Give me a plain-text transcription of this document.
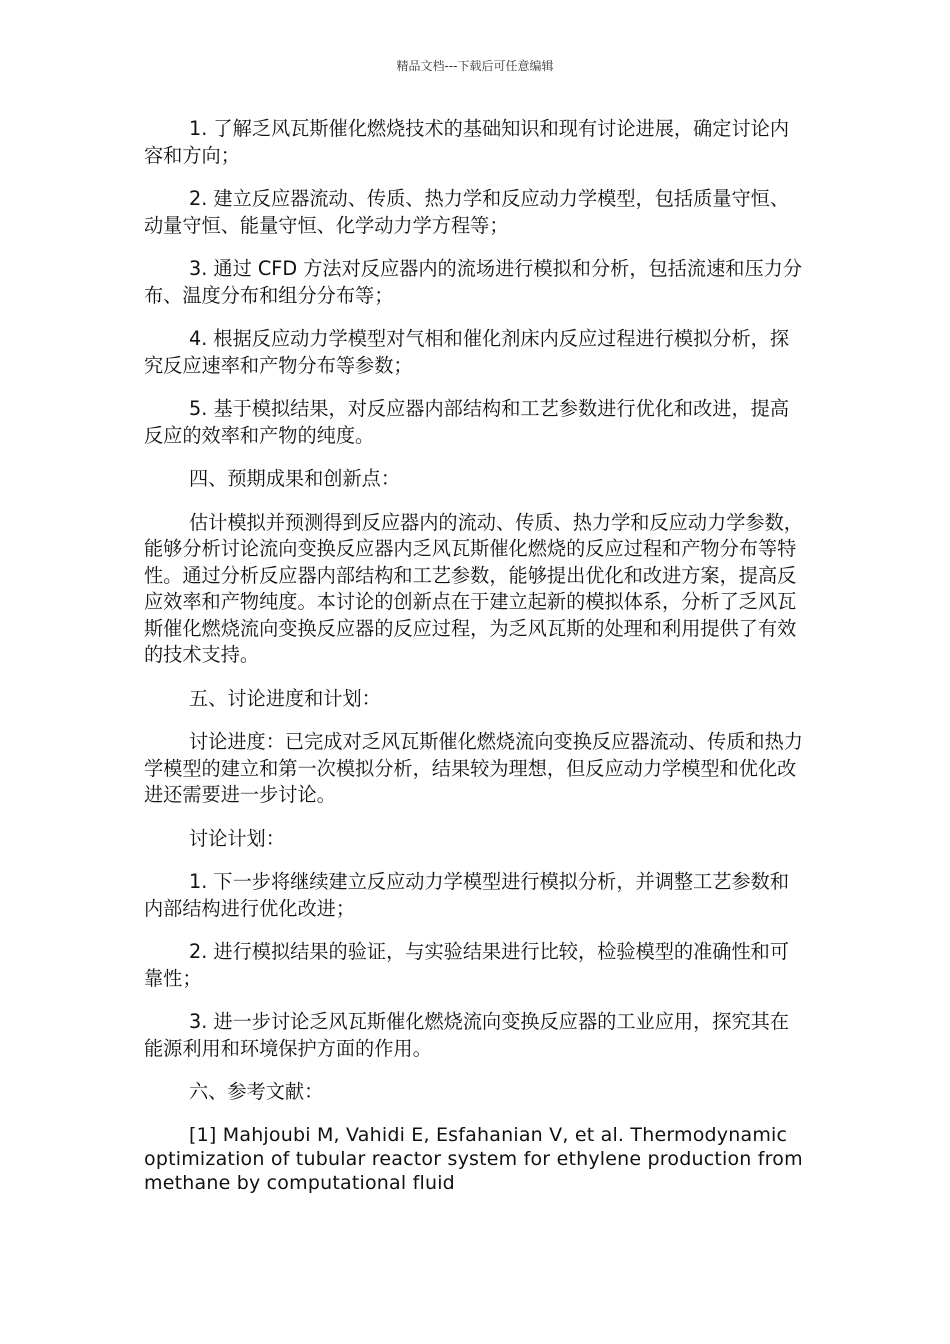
精品文档---下载后可任意编辑

1. 了解乏风瓦斯催化燃烧技术的基础知识和现有讨论进展，确定讨论内容和方向；

2. 建立反应器流动、传质、热力学和反应动力学模型，包括质量守恒、动量守恒、能量守恒、化学动力学方程等；

3. 通过 CFD 方法对反应器内的流场进行模拟和分析，包括流速和压力分布、温度分布和组分分布等；

4. 根据反应动力学模型对气相和催化剂床内反应过程进行模拟分析，探究反应速率和产物分布等参数；

5. 基于模拟结果，对反应器内部结构和工艺参数进行优化和改进，提高反应的效率和产物的纯度。

四、预期成果和创新点：

估计模拟并预测得到反应器内的流动、传质、热力学和反应动力学参数，能够分析讨论流向变换反应器内乏风瓦斯催化燃烧的反应过程和产物分布等特性。通过分析反应器内部结构和工艺参数，能够提出优化和改进方案，提高反应效率和产物纯度。本讨论的创新点在于建立起新的模拟体系，分析了乏风瓦斯催化燃烧流向变换反应器的反应过程，为乏风瓦斯的处理和利用提供了有效的技术支持。

五、讨论进度和计划：

讨论进度：已完成对乏风瓦斯催化燃烧流向变换反应器流动、传质和热力学模型的建立和第一次模拟分析，结果较为理想，但反应动力学模型和优化改进还需要进一步讨论。

讨论计划：

1. 下一步将继续建立反应动力学模型进行模拟分析，并调整工艺参数和内部结构进行优化改进；

2. 进行模拟结果的验证，与实验结果进行比较，检验模型的准确性和可靠性；

3. 进一步讨论乏风瓦斯催化燃烧流向变换反应器的工业应用，探究其在能源利用和环境保护方面的作用。

六、参考文献：

[1] Mahjoubi M, Vahidi E, Esfahanian V, et al. Thermodynamic optimization of tubular reactor system for ethylene production from methane by computational fluid
